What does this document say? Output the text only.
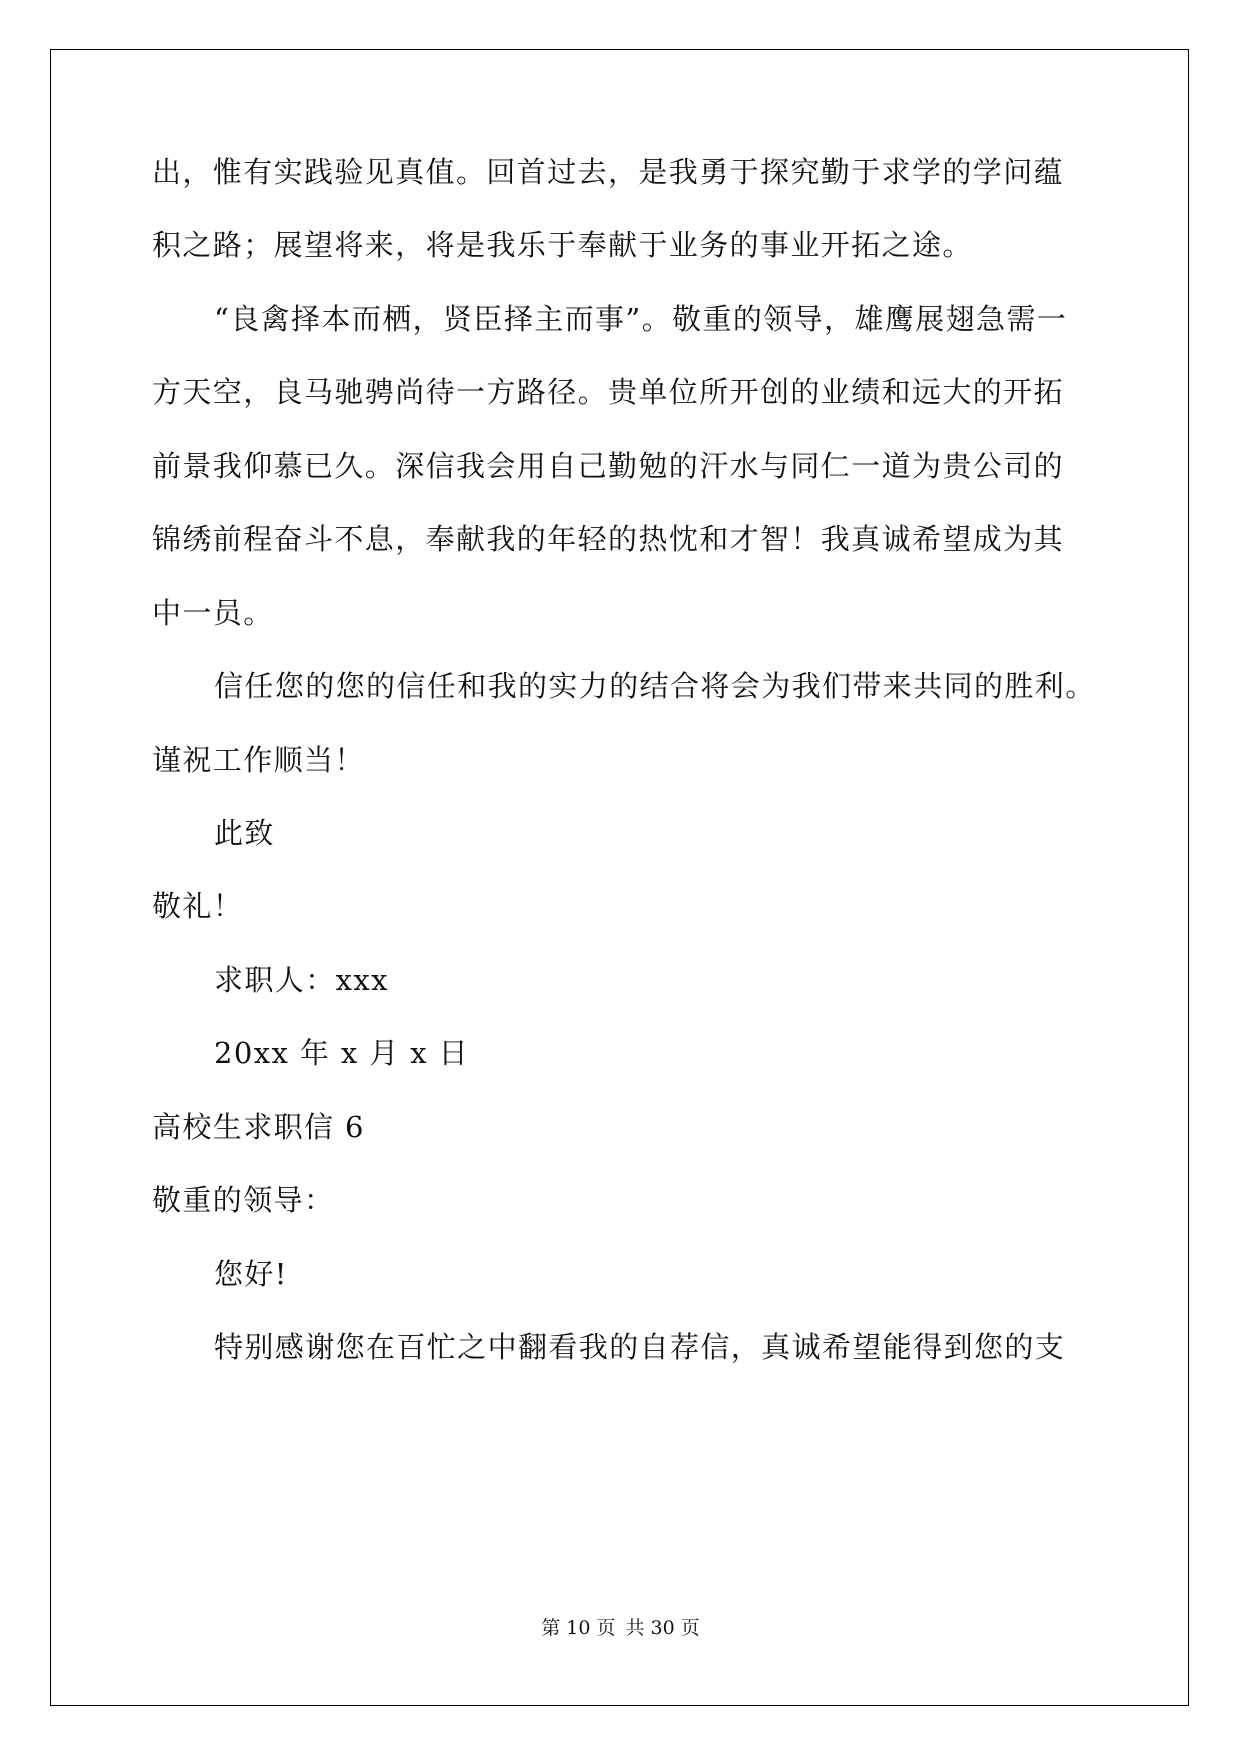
出，惟有实践验见真值。回首过去，是我勇于探究勤于求学的学问蕴
积之路；展望将来，将是我乐于奉献于业务的事业开拓之途。
“良禽择本而栖，贤臣择主而事”。敬重的领导，雄鹰展翅急需一
方天空，良马驰骋尚待一方路径。贵单位所开创的业绩和远大的开拓
前景我仰慕已久。深信我会用自己勤勉的汗水与同仁一道为贵公司的
锦绣前程奋斗不息，奉献我的年轻的热忱和才智！我真诚希望成为其
中一员。
信任您的您的信任和我的实力的结合将会为我们带来共同的胜利。
谨祝工作顺当！
此致
敬礼！
求职人：xxx
20xx 年 x 月 x 日
高校生求职信 6
敬重的领导：
您好!
特别感谢您在百忙之中翻看我的自荐信，真诚希望能得到您的支
第 10 页 共 30 页
